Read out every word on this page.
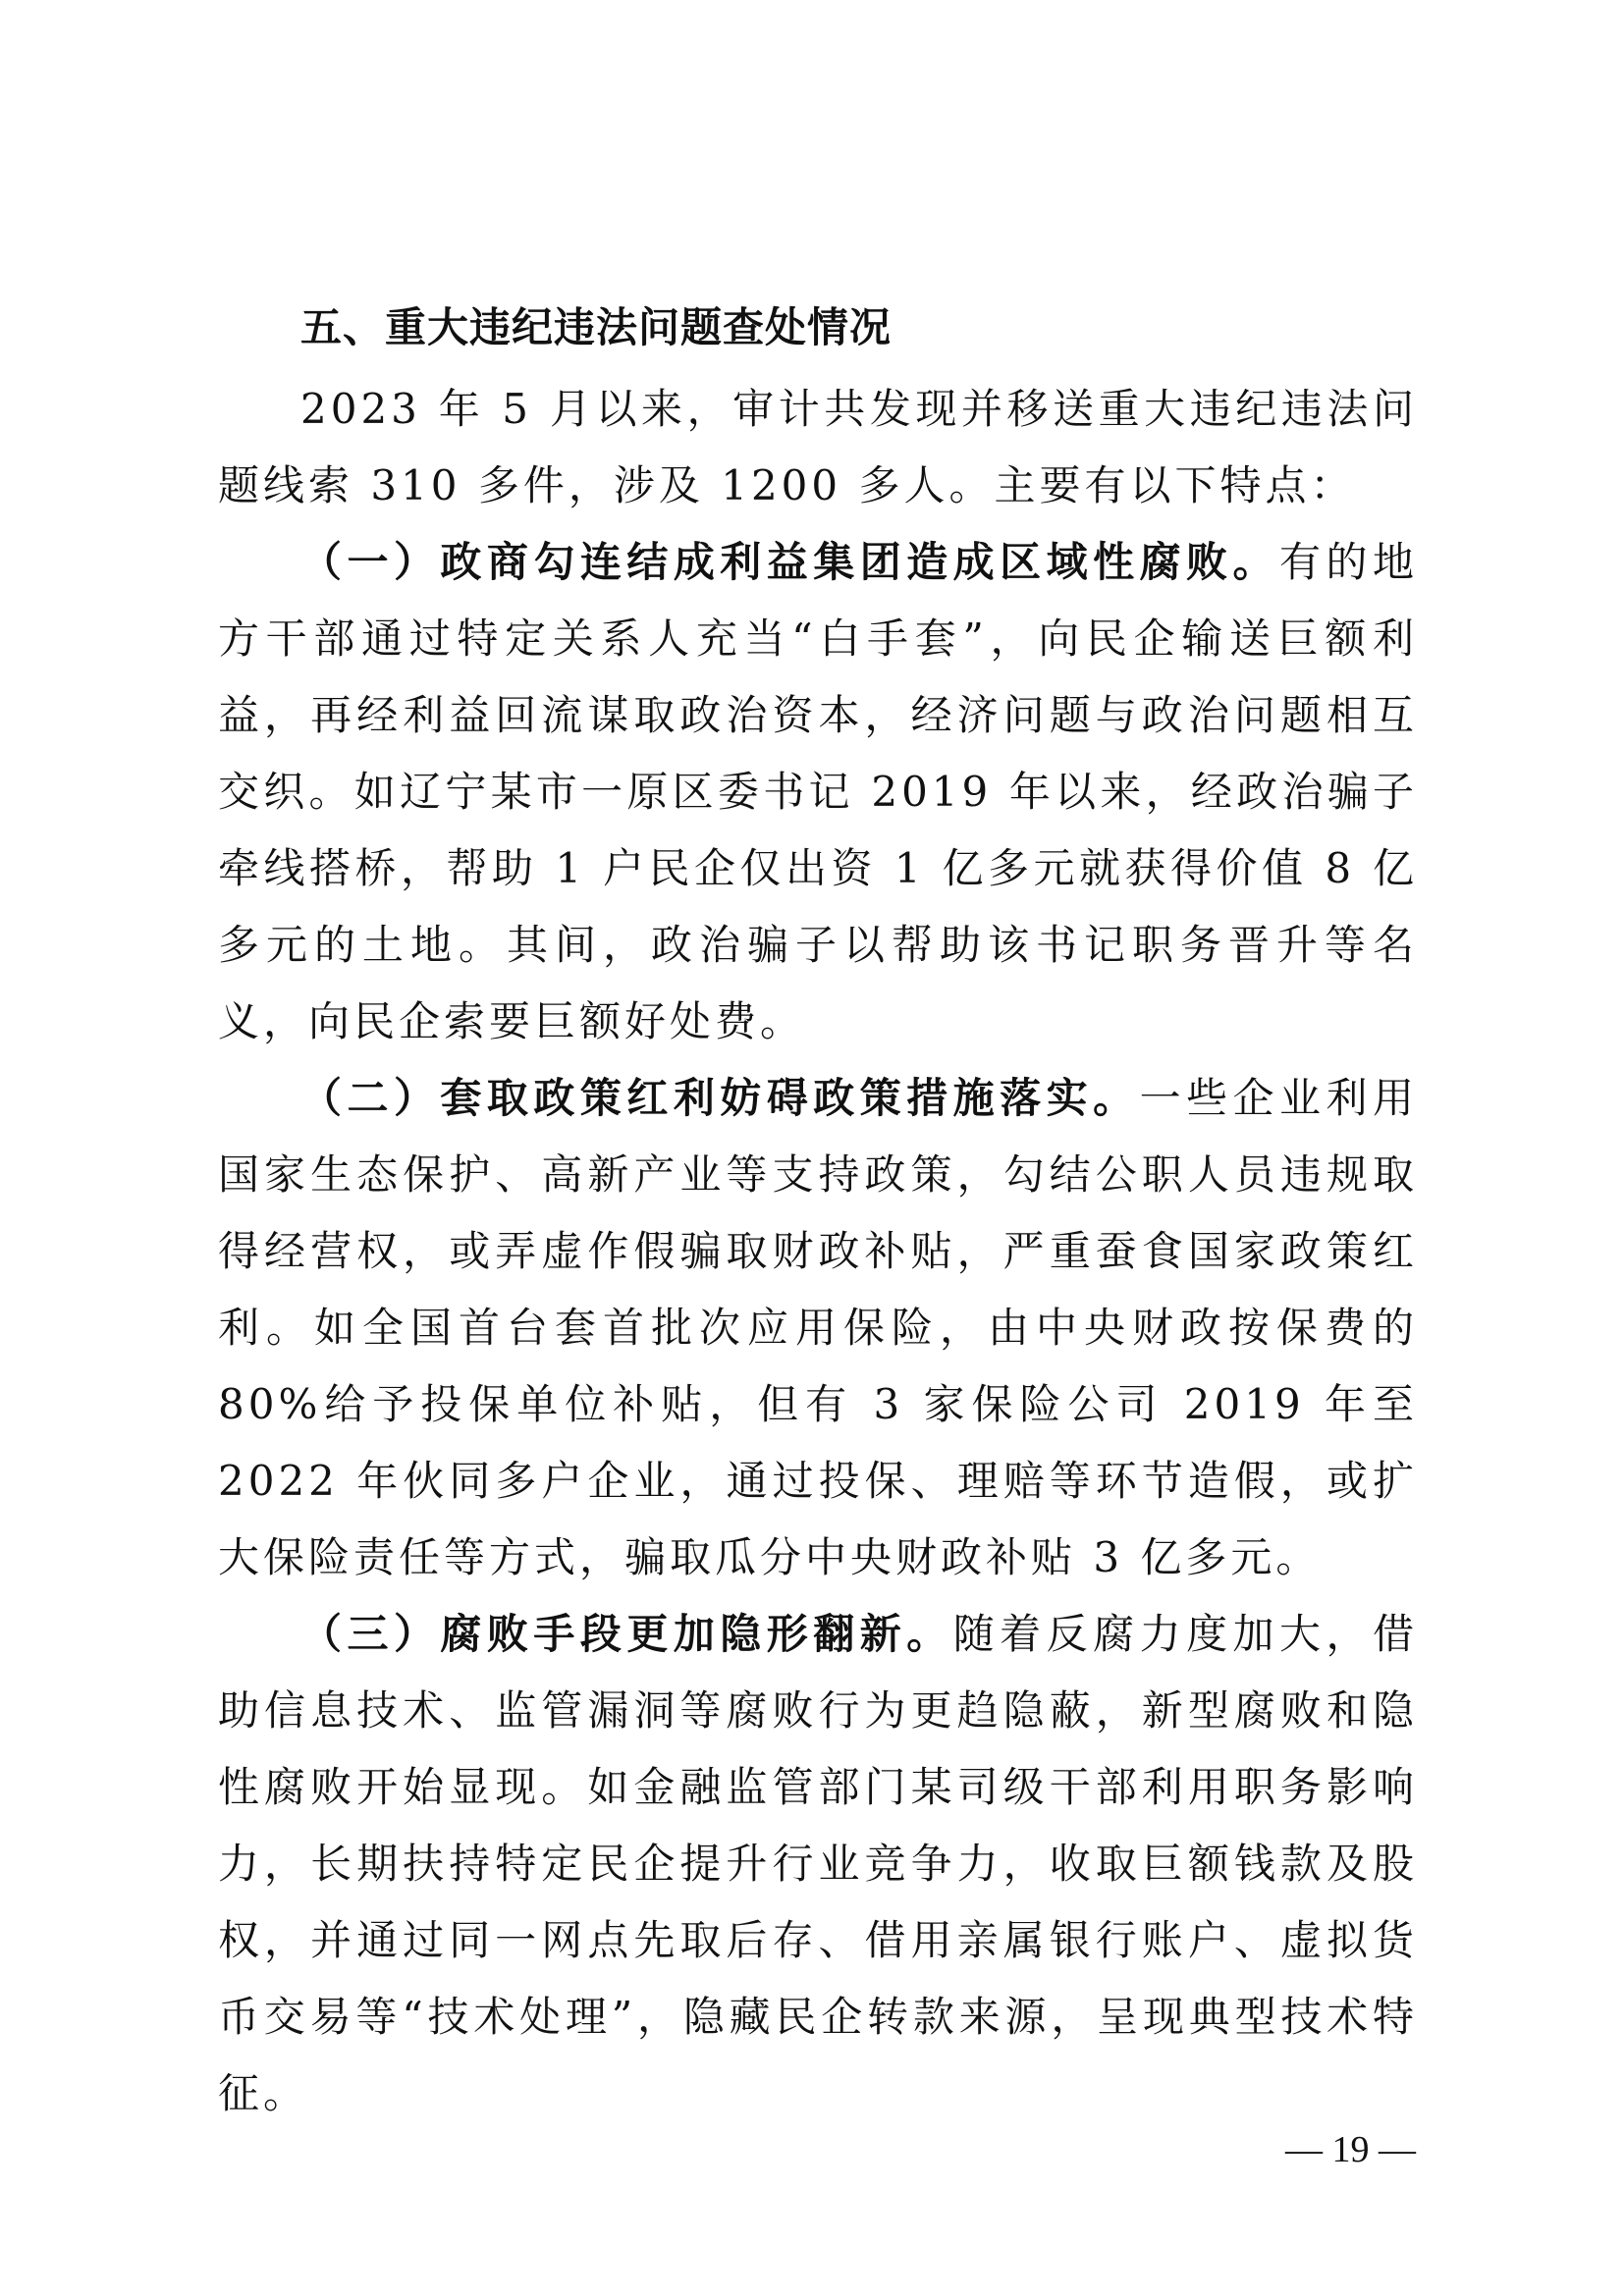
五、重大违纪违法问题查处情况

2023 年 5 月以来，审计共发现并移送重大违纪违法问题线索 310 多件，涉及 1200 多人。主要有以下特点：

（一）政商勾连结成利益集团造成区域性腐败。有的地方干部通过特定关系人充当“白手套”，向民企输送巨额利益，再经利益回流谋取政治资本，经济问题与政治问题相互交织。如辽宁某市一原区委书记 2019 年以来，经政治骗子牵线搭桥，帮助 1 户民企仅出资 1 亿多元就获得价值 8 亿多元的土地。其间，政治骗子以帮助该书记职务晋升等名义，向民企索要巨额好处费。

（二）套取政策红利妨碍政策措施落实。一些企业利用国家生态保护、高新产业等支持政策，勾结公职人员违规取得经营权，或弄虚作假骗取财政补贴，严重蚕食国家政策红利。如全国首台套首批次应用保险，由中央财政按保费的 80%给予投保单位补贴，但有 3 家保险公司 2019 年至 2022 年伙同多户企业，通过投保、理赔等环节造假，或扩大保险责任等方式，骗取瓜分中央财政补贴 3 亿多元。

（三）腐败手段更加隐形翻新。随着反腐力度加大，借助信息技术、监管漏洞等腐败行为更趋隐蔽，新型腐败和隐性腐败开始显现。如金融监管部门某司级干部利用职务影响力，长期扶持特定民企提升行业竞争力，收取巨额钱款及股权，并通过同一网点先取后存、借用亲属银行账户、虚拟货币交易等“技术处理”，隐藏民企转款来源，呈现典型技术特征。

— 19 —
